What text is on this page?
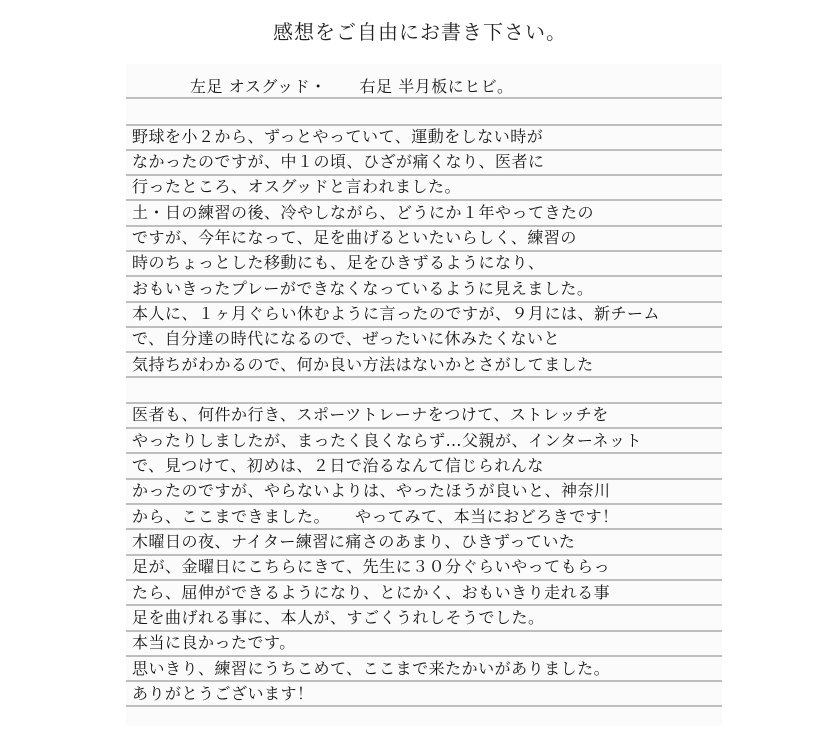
感想をご自由にお書き下さい。
左足 オスグッド・　　右足 半月板にヒビ。
野球を小２から、ずっとやっていて、運動をしない時が
なかったのですが、中１の頃、ひざが痛くなり、医者に
行ったところ、オスグッドと言われました。
土・日の練習の後、冷やしながら、どうにか１年やってきたの
ですが、今年になって、足を曲げるといたいらしく、練習の
時のちょっとした移動にも、足をひきずるようになり、
おもいきったプレーができなくなっているように見えました。
本人に、１ヶ月ぐらい休むように言ったのですが、９月には、新チーム
で、自分達の時代になるので、ぜったいに休みたくないと
気持ちがわかるので、何か良い方法はないかとさがしてました
医者も、何件か行き、スポーツトレーナをつけて、ストレッチを
やったりしましたが、まったく良くならず…父親が、インターネット
で、見つけて、初めは、２日で治るなんて信じられんな
かったのですが、やらないよりは、やったほうが良いと、神奈川
から、ここまできました。　　やってみて、本当におどろきです！
木曜日の夜、ナイター練習に痛さのあまり、ひきずっていた
足が、金曜日にこちらにきて、先生に３０分ぐらいやってもらっ
たら、屈伸ができるようになり、とにかく、おもいきり走れる事
足を曲げれる事に、本人が、すごくうれしそうでした。
本当に良かったです。
思いきり、練習にうちこめて、ここまで来たかいがありました。
ありがとうございます！
